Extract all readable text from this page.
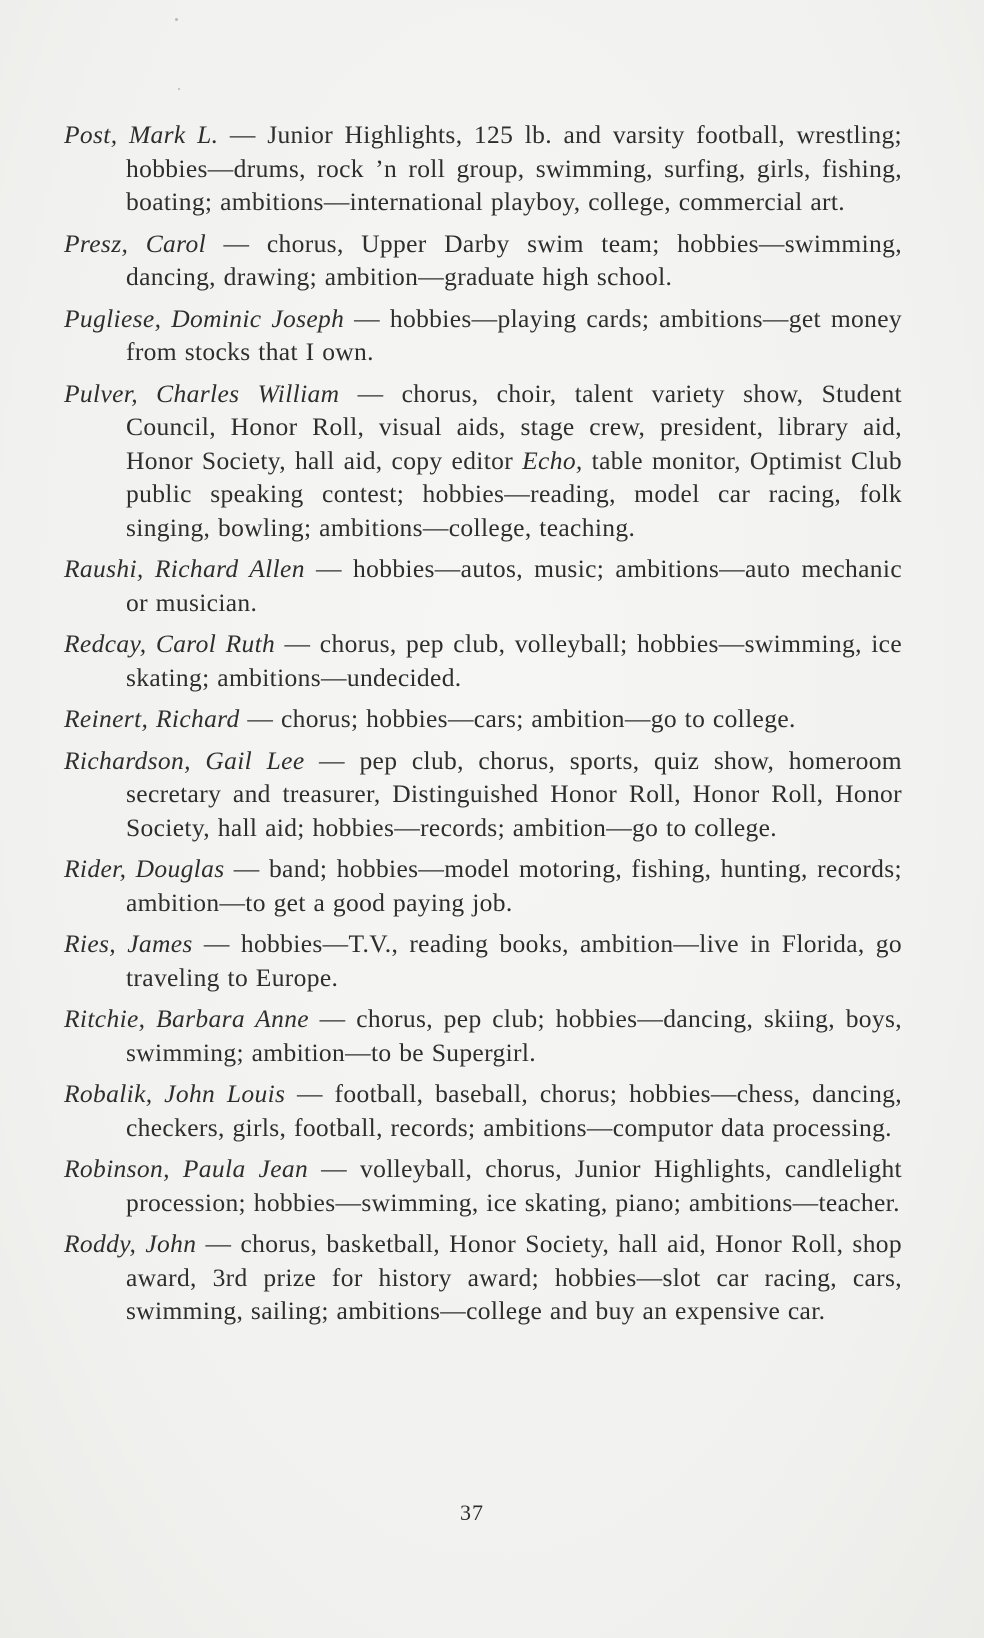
Post, Mark L. — Junior Highlights, 125 lb. and varsity football, wrestling; hobbies—drums, rock ’n roll group, swimming, surfing, girls, fishing, boating; ambitions—international playboy, college, commercial art.

Presz, Carol — chorus, Upper Darby swim team; hobbies—swimming, dancing, drawing; ambition—graduate high school.

Pugliese, Dominic Joseph — hobbies—playing cards; ambitions—get money from stocks that I own.

Pulver, Charles William — chorus, choir, talent variety show, Student Council, Honor Roll, visual aids, stage crew, president, library aid, Honor Society, hall aid, copy editor Echo, table monitor, Optimist Club public speaking contest; hobbies—reading, model car racing, folk singing, bowling; ambitions—college, teaching.

Raushi, Richard Allen — hobbies—autos, music; ambitions—auto mechanic or musician.

Redcay, Carol Ruth — chorus, pep club, volleyball; hobbies—swimming, ice skating; ambitions—undecided.

Reinert, Richard — chorus; hobbies—cars; ambition—go to college.

Richardson, Gail Lee — pep club, chorus, sports, quiz show, homeroom secretary and treasurer, Distinguished Honor Roll, Honor Roll, Honor Society, hall aid; hobbies—records; ambition—go to college.

Rider, Douglas — band; hobbies—model motoring, fishing, hunting, records; ambition—to get a good paying job.

Ries, James — hobbies—T.V., reading books, ambition—live in Florida, go traveling to Europe.

Ritchie, Barbara Anne — chorus, pep club; hobbies—dancing, skiing, boys, swimming; ambition—to be Supergirl.

Robalik, John Louis — football, baseball, chorus; hobbies—chess, dancing, checkers, girls, football, records; ambitions—computor data processing.

Robinson, Paula Jean — volleyball, chorus, Junior Highlights, candlelight procession; hobbies—swimming, ice skating, piano; ambitions—teacher.

Roddy, John — chorus, basketball, Honor Society, hall aid, Honor Roll, shop award, 3rd prize for history award; hobbies—slot car racing, cars, swimming, sailing; ambitions—college and buy an expensive car.

37
